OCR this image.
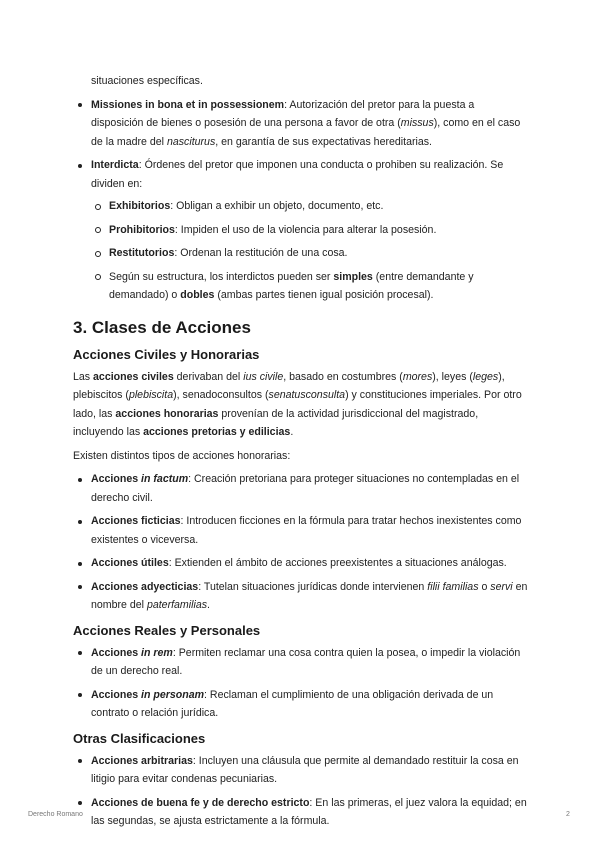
situaciones específicas.
Missiones in bona et in possessionem: Autorización del pretor para la puesta a disposición de bienes o posesión de una persona a favor de otra (missus), como en el caso de la madre del nasciturus, en garantía de sus expectativas hereditarias.
Interdicta: Órdenes del pretor que imponen una conducta o prohiben su realización. Se dividen en:
Exhibitorios: Obligan a exhibir un objeto, documento, etc.
Prohibitorios: Impiden el uso de la violencia para alterar la posesión.
Restitutorios: Ordenan la restitución de una cosa.
Según su estructura, los interdictos pueden ser simples (entre demandante y demandado) o dobles (ambas partes tienen igual posición procesal).
3. Clases de Acciones
Acciones Civiles y Honorarias

Las acciones civiles derivaban del ius civile, basado en costumbres (mores), leyes (leges), plebiscitos (plebiscita), senadoconsultos (senatusconsulta) y constituciones imperiales. Por otro lado, las acciones honorarias provenían de la actividad jurisdiccional del magistrado, incluyendo las acciones pretorias y edilicias.

Existen distintos tipos de acciones honorarias:

Acciones in factum: Creación pretoriana para proteger situaciones no contempladas en el derecho civil.
Acciones ficticias: Introducen ficciones en la fórmula para tratar hechos inexistentes como existentes o viceversa.
Acciones útiles: Extienden el ámbito de acciones preexistentes a situaciones análogas.
Acciones adyecticias: Tutelan situaciones jurídicas donde intervienen filii familias o servi en nombre del paterfamilias.
Acciones Reales y Personales
Acciones in rem: Permiten reclamar una cosa contra quien la posea, o impedir la violación de un derecho real.
Acciones in personam: Reclaman el cumplimiento de una obligación derivada de un contrato o relación jurídica.
Otras Clasificaciones
Acciones arbitrarias: Incluyen una cláusula que permite al demandado restituir la cosa en litigio para evitar condenas pecuniarias.
Acciones de buena fe y de derecho estricto: En las primeras, el juez valora la equidad; en las segundas, se ajusta estrictamente a la fórmula.
Derecho Romano	2
